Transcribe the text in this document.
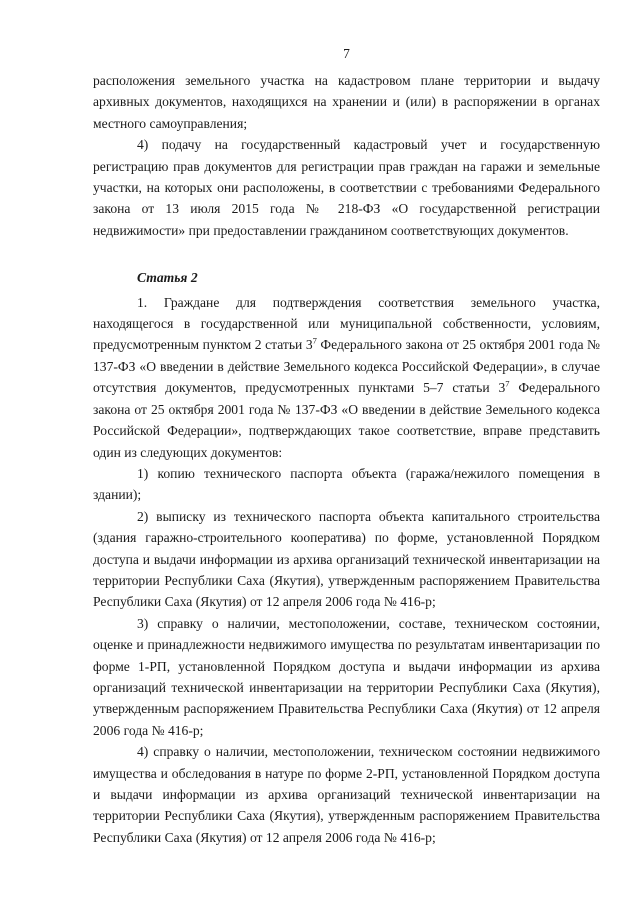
7

расположения земельного участка на кадастровом плане территории и выдачу архивных документов, находящихся на хранении и (или) в распоряжении в органах местного самоуправления;

4) подачу на государственный кадастровый учет и государственную регистрацию прав документов для регистрации прав граждан на гаражи и земельные участки, на которых они расположены, в соответствии с требованиями Федерального закона от 13 июля 2015 года № 218-ФЗ «О государственной регистрации недвижимости» при предоставлении гражданином соответствующих документов.

Статья 2

1. Граждане для подтверждения соответствия земельного участка, находящегося в государственной или муниципальной собственности, условиям, предусмотренным пунктом 2 статьи $3^7$ Федерального закона от 25 октября 2001 года № 137-ФЗ «О введении в действие Земельного кодекса Российской Федерации», в случае отсутствия документов, предусмотренных пунктами 5–7 статьи $3^7$ Федерального закона от 25 октября 2001 года № 137-ФЗ «О введении в действие Земельного кодекса Российской Федерации», подтверждающих такое соответствие, вправе представить один из следующих документов:

1) копию технического паспорта объекта (гаража/нежилого помещения в здании);

2) выписку из технического паспорта объекта капитального строительства (здания гаражно-строительного кооператива) по форме, установленной Порядком доступа и выдачи информации из архива организаций технической инвентаризации на территории Республики Саха (Якутия), утвержденным распоряжением Правительства Республики Саха (Якутия) от 12 апреля 2006 года № 416-р;

3) справку о наличии, местоположении, составе, техническом состоянии, оценке и принадлежности недвижимого имущества по результатам инвентаризации по форме 1-РП, установленной Порядком доступа и выдачи информации из архива организаций технической инвентаризации на территории Республики Саха (Якутия), утвержденным распоряжением Правительства Республики Саха (Якутия) от 12 апреля 2006 года № 416-р;

4) справку о наличии, местоположении, техническом состоянии недвижимого имущества и обследования в натуре по форме 2-РП, установленной Порядком доступа и выдачи информации из архива организаций технической инвентаризации на территории Республики Саха (Якутия), утвержденным распоряжением Правительства Республики Саха (Якутия) от 12 апреля 2006 года № 416-р;
